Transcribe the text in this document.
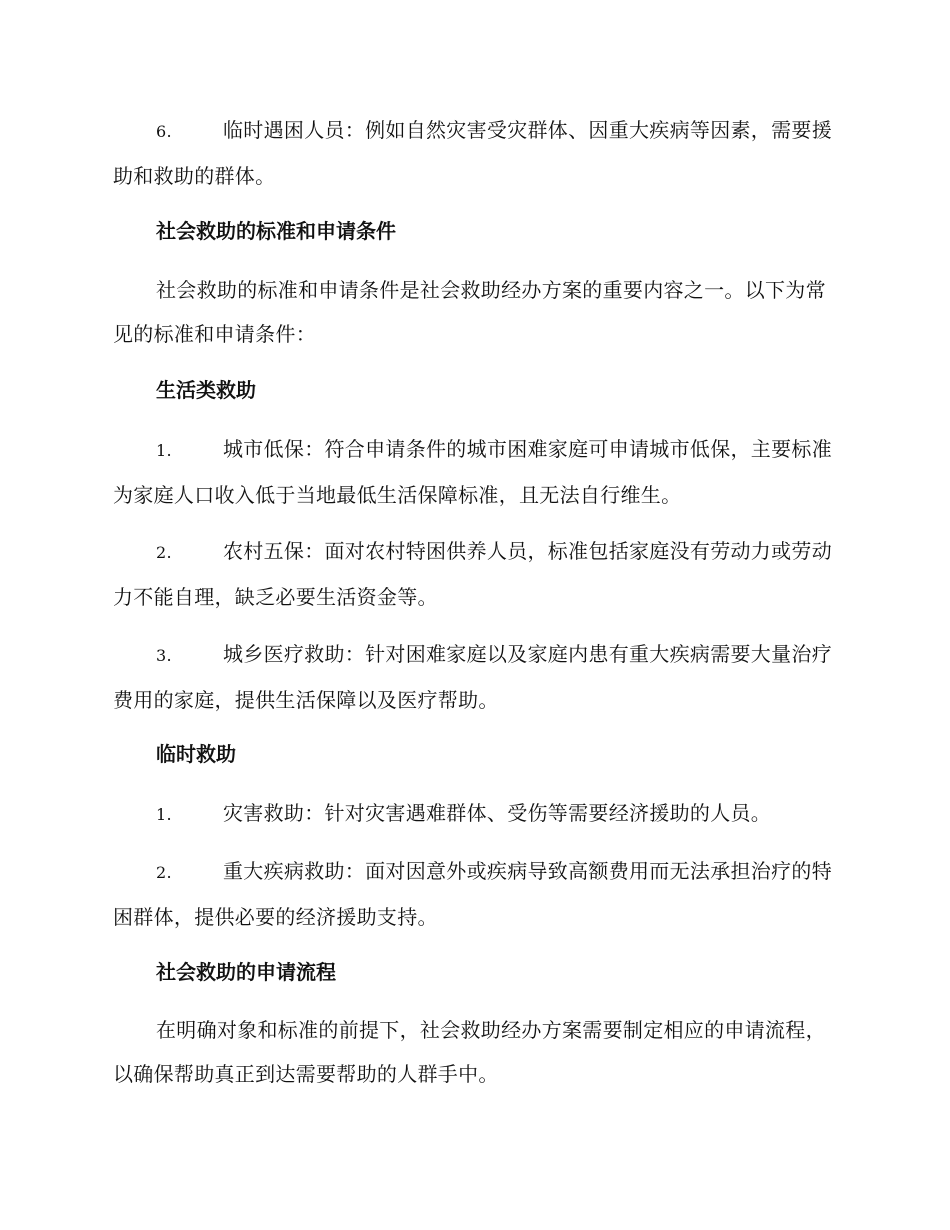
6.	临时遇困人员：例如自然灾害受灾群体、因重大疾病等因素，需要援助和救助的群体。

社会救助的标准和申请条件

社会救助的标准和申请条件是社会救助经办方案的重要内容之一。以下为常见的标准和申请条件：

生活类救助

1.	城市低保：符合申请条件的城市困难家庭可申请城市低保，主要标准为家庭人口收入低于当地最低生活保障标准，且无法自行维生。

2.	农村五保：面对农村特困供养人员，标准包括家庭没有劳动力或劳动力不能自理，缺乏必要生活资金等。

3.	城乡医疗救助：针对困难家庭以及家庭内患有重大疾病需要大量治疗费用的家庭，提供生活保障以及医疗帮助。

临时救助

1.	灾害救助：针对灾害遇难群体、受伤等需要经济援助的人员。

2.	重大疾病救助：面对因意外或疾病导致高额费用而无法承担治疗的特困群体，提供必要的经济援助支持。

社会救助的申请流程

在明确对象和标准的前提下，社会救助经办方案需要制定相应的申请流程，以确保帮助真正到达需要帮助的人群手中。
